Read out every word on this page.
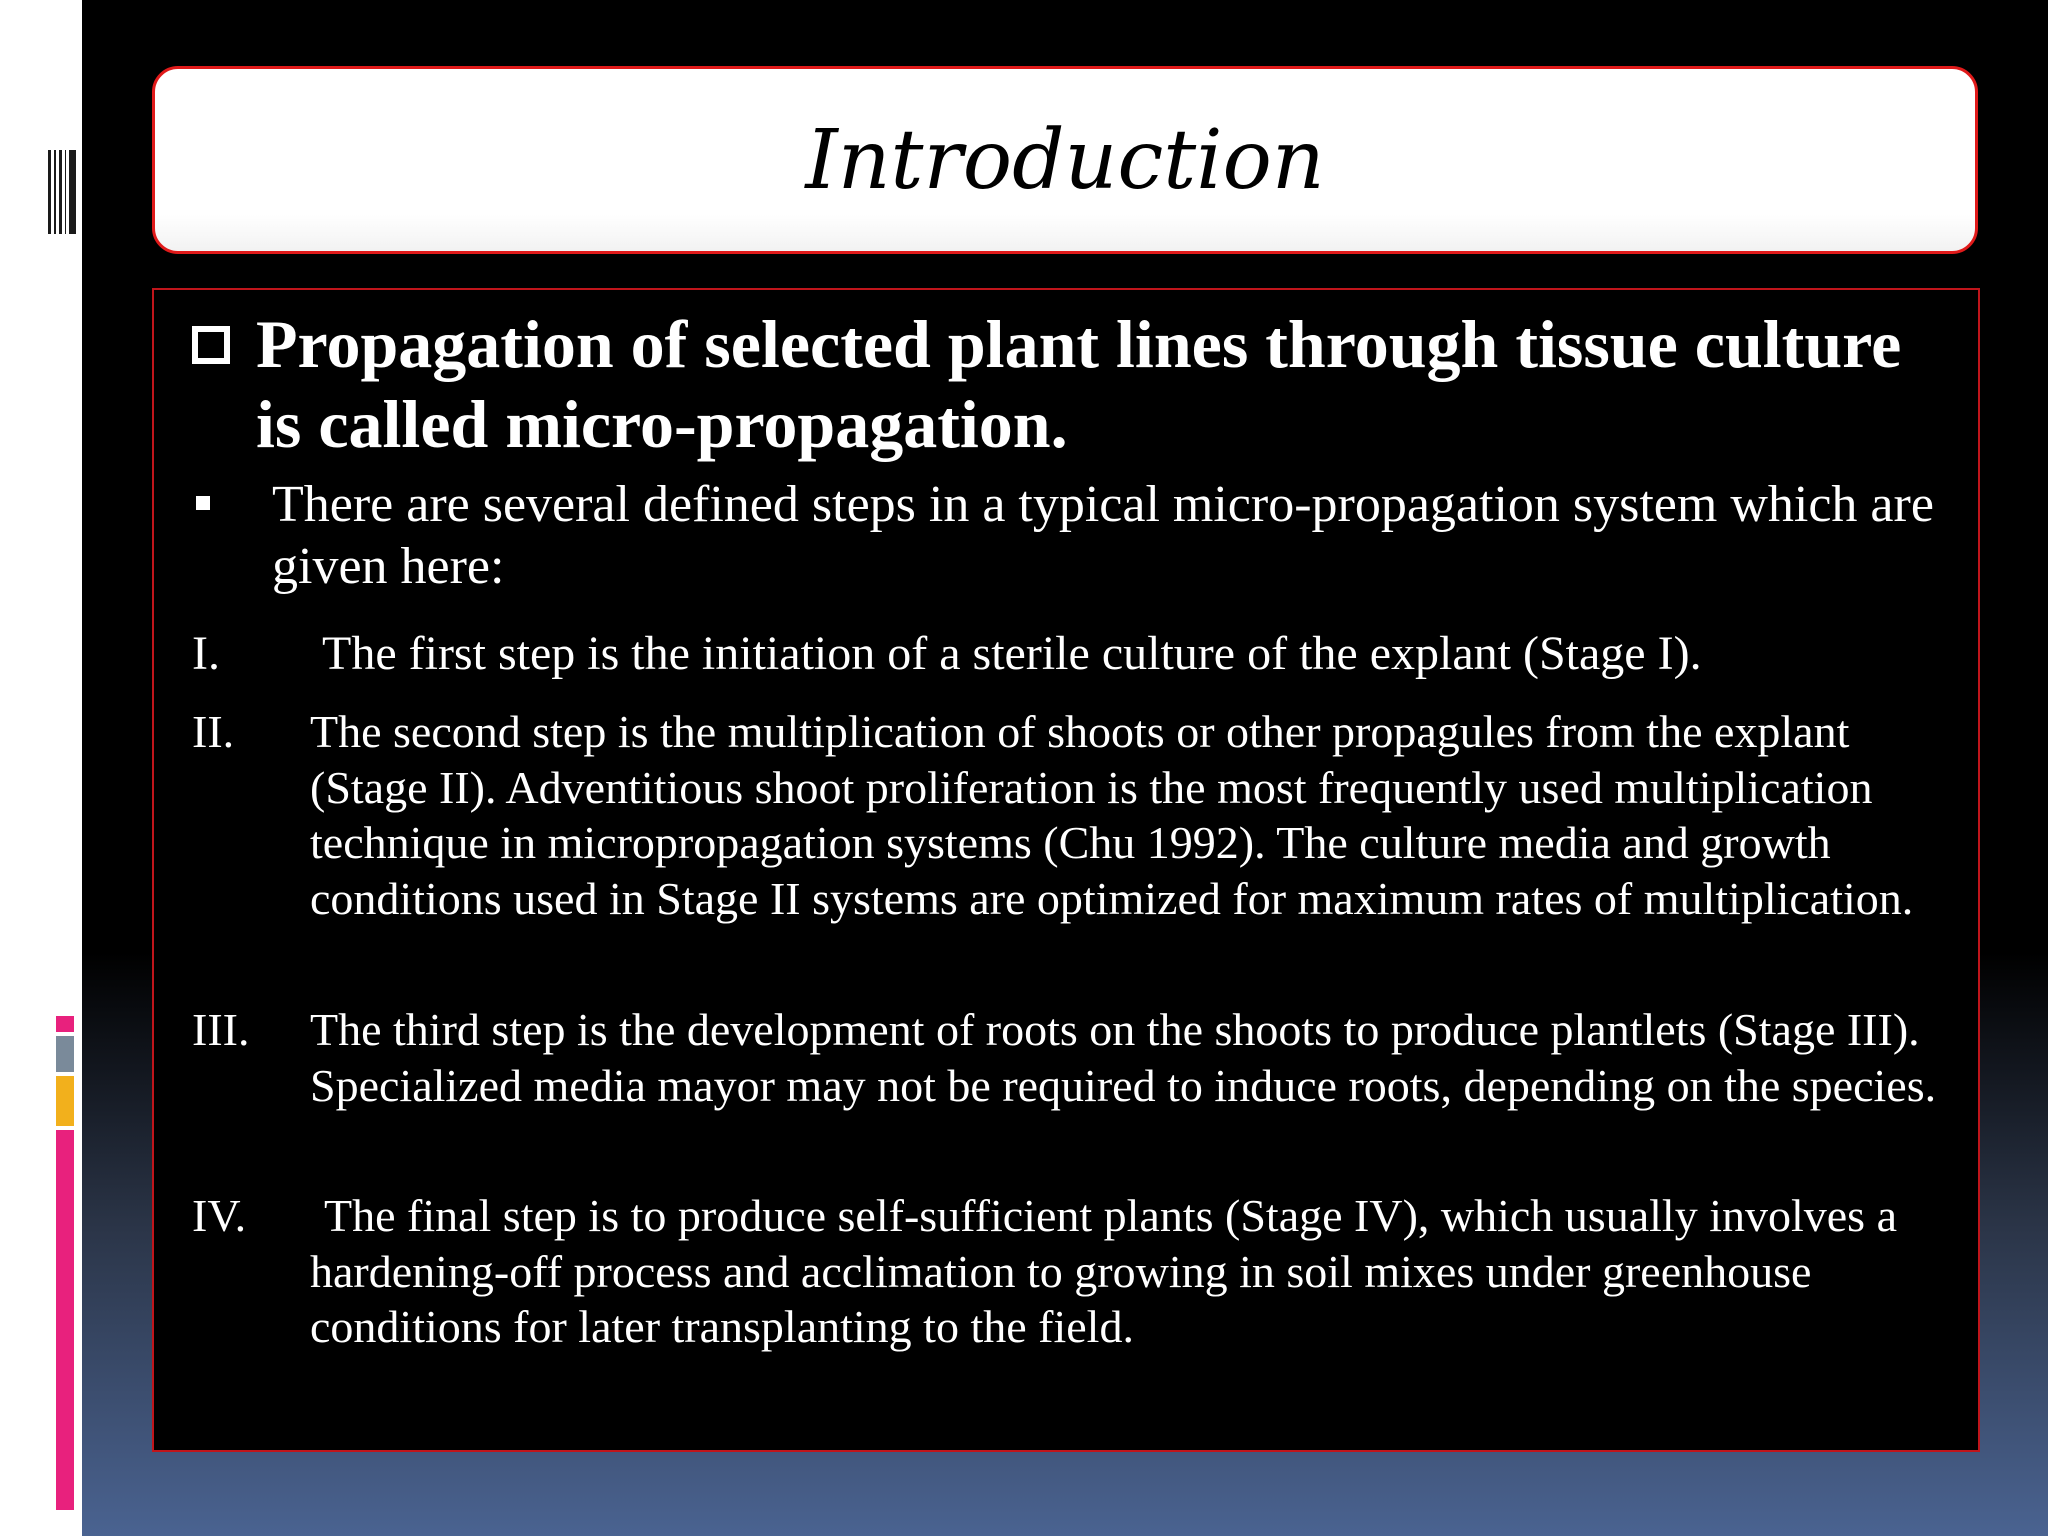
Introduction
Propagation of selected plant lines through tissue culture is called micro-propagation.
There are several defined steps in a typical micro-propagation system which are given here:
I. The first step is the initiation of a sterile culture of the explant (Stage I).
II. The second step is the multiplication of shoots or other propagules from the explant (Stage II). Adventitious shoot proliferation is the most frequently used multiplication technique in micropropagation systems (Chu 1992). The culture media and growth conditions used in Stage II systems are optimized for maximum rates of multiplication.
III. The third step is the development of roots on the shoots to produce plantlets (Stage III). Specialized media mayor may not be required to induce roots, depending on the species.
IV.	The final step is to produce self-sufficient plants (Stage IV), which usually involves a hardening-off process and acclimation to growing in soil mixes under greenhouse conditions for later transplanting to the field.
